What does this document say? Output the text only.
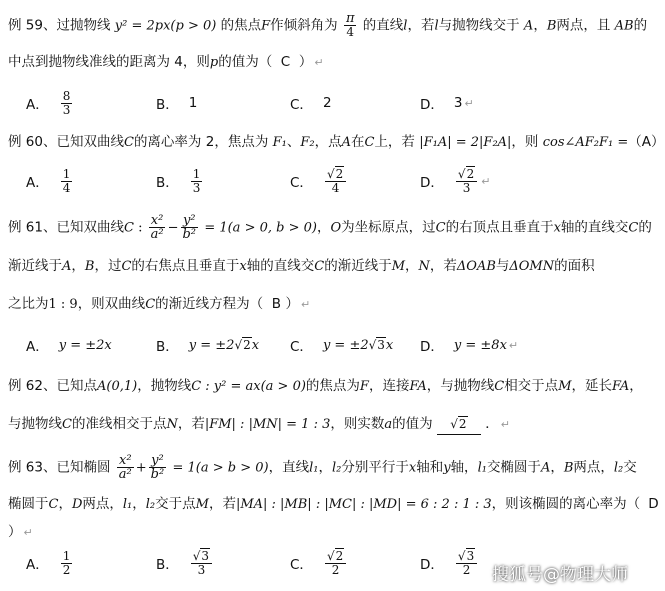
例 59、过抛物线 y² = 2px(p > 0) 的焦点F作倾斜角为 $\frac{\pi}{4}$ 的直线l，若l与抛物线交于 A，B两点，且 AB的
中点到抛物线准线的距离为 4，则p的值为（ C ） ↵
A． $\frac{8}{3}$	B． 1	C． 2	D． 3 ↵
例 60、已知双曲线C的离心率为 2，焦点为 F₁、F₂，点A在C上，若 |F₁A| = 2|F₂A|，则 cos∠AF₂F₁ =（A）
A． $\frac{1}{4}$	B． $\frac{1}{3}$	C． $\frac{√2}{4}$	D． $\frac{√2}{3}$ ↵
例 61、已知双曲线C : $\frac{\text{x²}}{\text{a²}} - \frac{\text{y²}}{\text{b²}} = 1(a > 0$, b > 0)，O为坐标原点，过C的右顶点且垂直于x轴的直线交C的
渐近线于A，B，过C的右焦点且垂直于x轴的直线交C的渐近线于M，N，若ΔOAB与ΔOMN的面积
之比为1 : 9，则双曲线C的渐近线方程为（ B ） ↵
A． y = ±2x	B． y = ±2 √2 x C． y = ±2 √3 x D． y = ±8x ↵
例 62、已知点A(0,1)，抛物线C : y² = ax(a > 0)的焦点为F，连接FA，与抛物线C相交于点M，延长FA，
与抛物线C的准线相交于点N，若|FM| : |MN| = 1 : 3，则实数a的值为 √2 ． ↵
例 63、已知椭圆 $\frac{\text{x²}}{\text{a²}} + \frac{\text{y²}}{\text{b²}} = 1(a > b > 0)$，直线l₁，l₂分别平行于x轴和y轴，l₁交椭圆于A，B两点，l₂交
椭圆于C，D两点，l₁，l₂交于点M，若|MA| : |MB| : |MC| : |MD| = 6 : 2 : 1 : 3，则该椭圆的离心率为（ D
） ↵
A． $\frac{1}{2}$	B． $\frac{√3}{3}$	C． $\frac{√2}{2}$	D． $\frac{√3}{2}$ 搜狐号@物理大师
